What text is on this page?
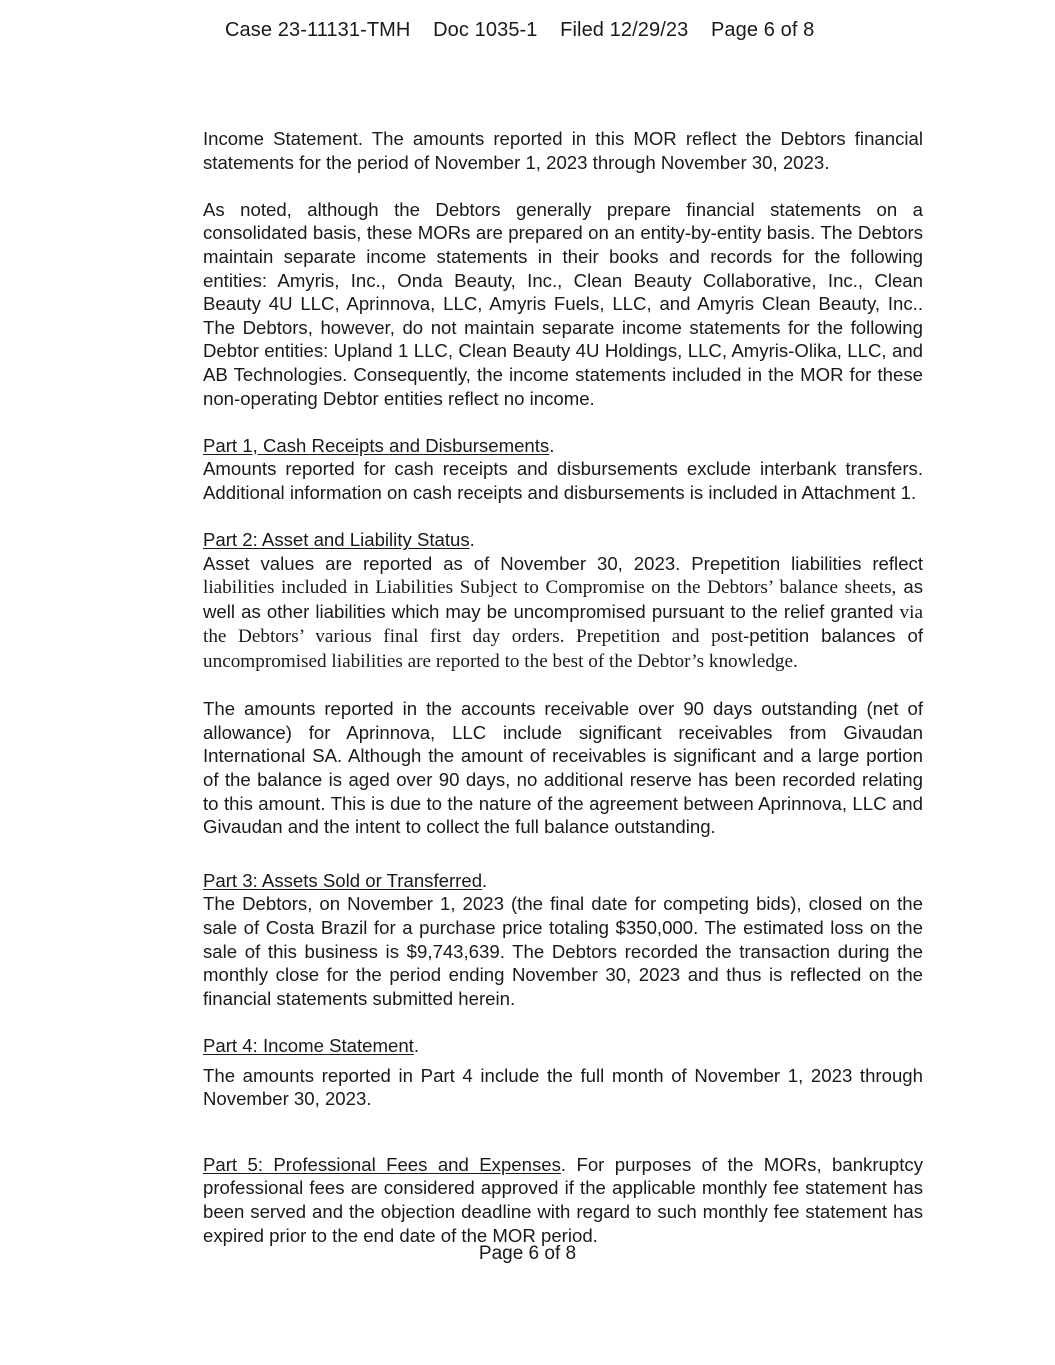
Case 23-11131-TMH Doc 1035-1 Filed 12/29/23 Page 6 of 8

Income Statement. The amounts reported in this MOR reflect the Debtors financial statements for the period of November 1, 2023 through November 30, 2023.

As noted, although the Debtors generally prepare financial statements on a consolidated basis, these MORs are prepared on an entity-by-entity basis. The Debtors maintain separate income statements in their books and records for the following entities: Amyris, Inc., Onda Beauty, Inc., Clean Beauty Collaborative, Inc., Clean Beauty 4U LLC, Aprinnova, LLC, Amyris Fuels, LLC, and Amyris Clean Beauty, Inc.. The Debtors, however, do not maintain separate income statements for the following Debtor entities: Upland 1 LLC, Clean Beauty 4U Holdings, LLC, Amyris-Olika, LLC, and AB Technologies. Consequently, the income statements included in the MOR for these non-operating Debtor entities reflect no income.

Part 1, Cash Receipts and Disbursements.

Amounts reported for cash receipts and disbursements exclude interbank transfers. Additional information on cash receipts and disbursements is included in Attachment 1.

Part 2: Asset and Liability Status.

Asset values are reported as of November 30, 2023. Prepetition liabilities reflect liabilities included in Liabilities Subject to Compromise on the Debtors’ balance sheets, as well as other liabilities which may be uncompromised pursuant to the relief granted via the Debtors’ various final first day orders. Prepetition and post-petition balances of uncompromised liabilities are reported to the best of the Debtor’s knowledge.

The amounts reported in the accounts receivable over 90 days outstanding (net of allowance) for Aprinnova, LLC include significant receivables from Givaudan International SA. Although the amount of receivables is significant and a large portion of the balance is aged over 90 days, no additional reserve has been recorded relating to this amount. This is due to the nature of the agreement between Aprinnova, LLC and Givaudan and the intent to collect the full balance outstanding.

Part 3: Assets Sold or Transferred.

The Debtors, on November 1, 2023 (the final date for competing bids), closed on the sale of Costa Brazil for a purchase price totaling $350,000. The estimated loss on the sale of this business is $9,743,639. The Debtors recorded the transaction during the monthly close for the period ending November 30, 2023 and thus is reflected on the financial statements submitted herein.

Part 4: Income Statement.

The amounts reported in Part 4 include the full month of November 1, 2023 through November 30, 2023.

Part 5: Professional Fees and Expenses. For purposes of the MORs, bankruptcy professional fees are considered approved if the applicable monthly fee statement has been served and the objection deadline with regard to such monthly fee statement has expired prior to the end date of the MOR period.

Page 6 of 8
